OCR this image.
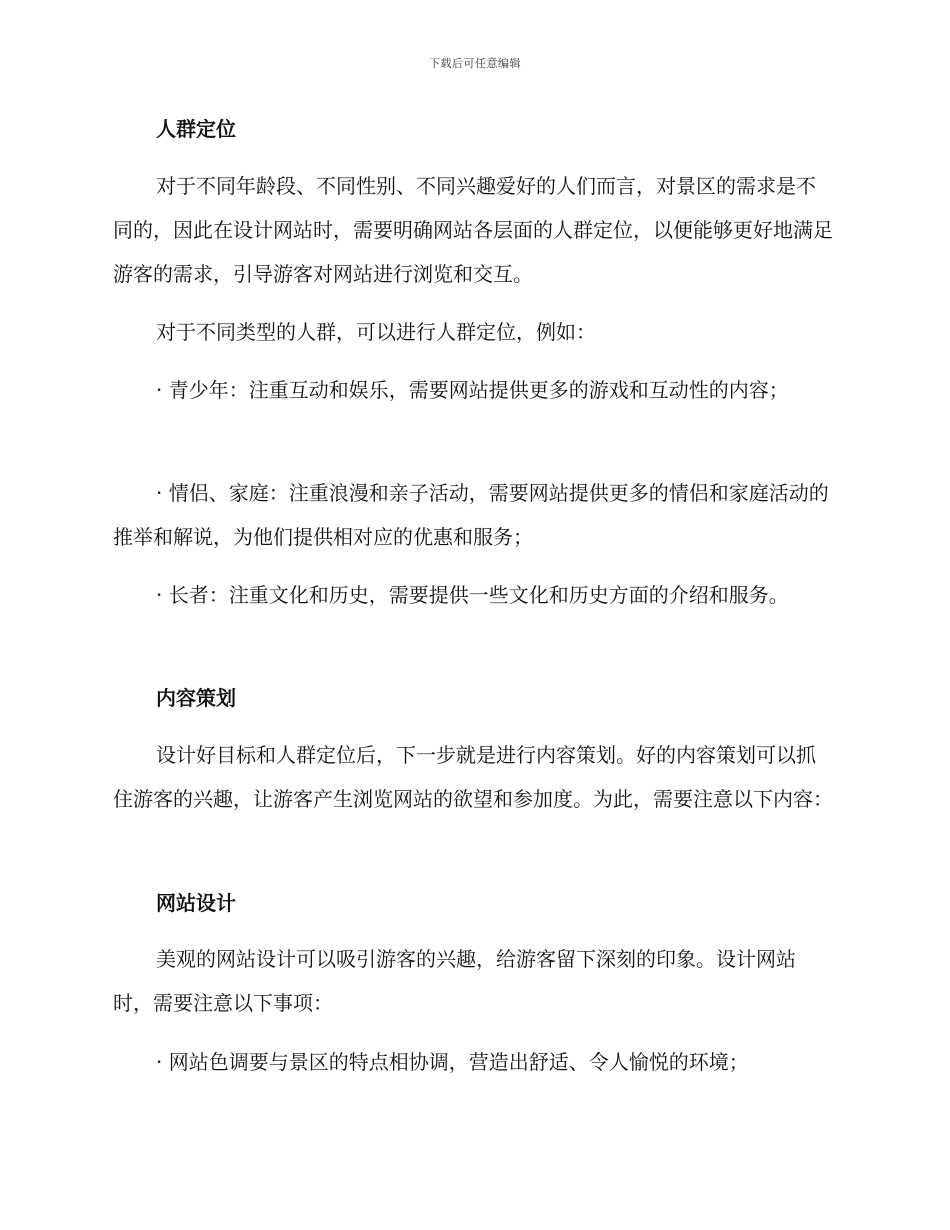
下载后可任意编辑
人群定位
对于不同年龄段、不同性别、不同兴趣爱好的人们而言，对景区的需求是不同的，因此在设计网站时，需要明确网站各层面的人群定位，以便能够更好地满足游客的需求，引导游客对网站进行浏览和交互。
对于不同类型的人群，可以进行人群定位，例如：
· 青少年：注重互动和娱乐，需要网站提供更多的游戏和互动性的内容；
· 情侣、家庭：注重浪漫和亲子活动，需要网站提供更多的情侣和家庭活动的推举和解说，为他们提供相对应的优惠和服务；
· 长者：注重文化和历史，需要提供一些文化和历史方面的介绍和服务。
内容策划
设计好目标和人群定位后，下一步就是进行内容策划。好的内容策划可以抓住游客的兴趣，让游客产生浏览网站的欲望和参加度。为此，需要注意以下内容：
网站设计
美观的网站设计可以吸引游客的兴趣，给游客留下深刻的印象。设计网站时，需要注意以下事项：
· 网站色调要与景区的特点相协调，营造出舒适、令人愉悦的环境；
